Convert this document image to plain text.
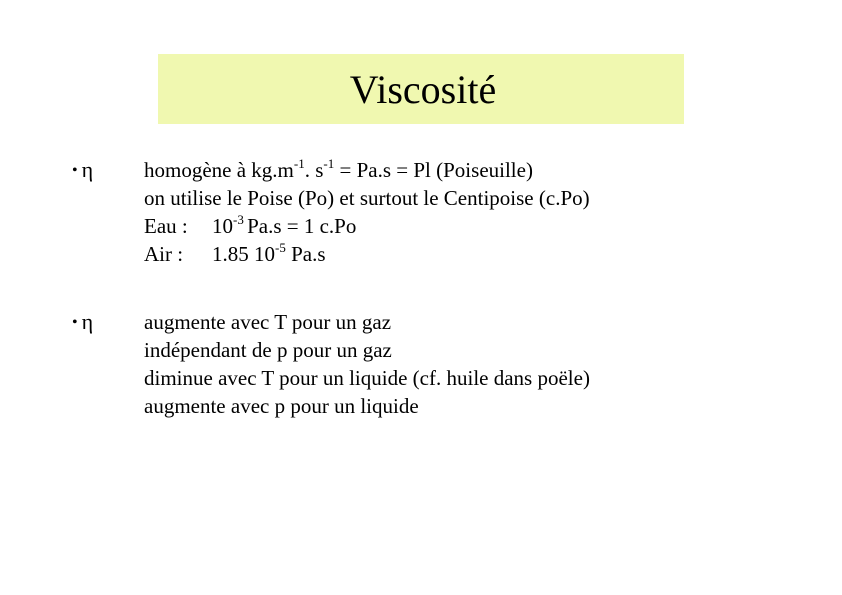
Viscosité
• η homogène à $kg.m^{-1}$. $s^{-1} = Pa.s = Pl$ (Poiseuille)
on utilise le Poise (Po) et surtout le Centipoise (c.Po)
Eau : $10^{-3}$ Pa.s = 1 c.Po
Air : 1.85 $10^{-5}$ Pa.s
• η augmente avec T pour un gaz
indépendant de p pour un gaz
diminue avec T pour un liquide (cf. huile dans poële)
augmente avec p pour un liquide
